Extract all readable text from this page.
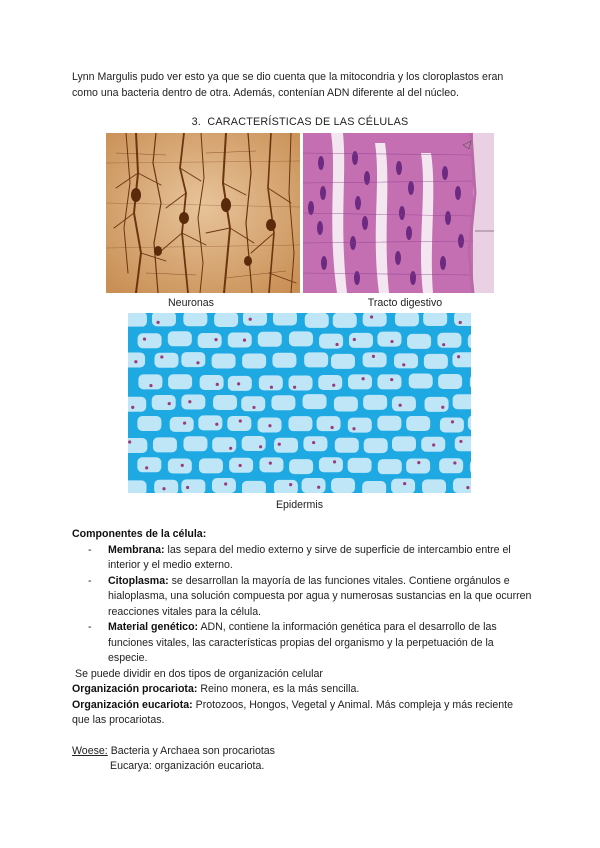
Lynn Margulis pudo ver esto ya que se dio cuenta que la mitocondria y los cloroplastos eran
como una bacteria dentro de otra. Además, contenían ADN diferente al del núcleo.

3. CARACTERÍSTICAS DE LAS CÉLULAS
Neuronas	Tracto digestivo
Epidermis
Componentes de la célula:
- Membrana: las separa del medio externo y sirve de superficie de intercambio entre el interior y el medio externo.
- Citoplasma: se desarrollan la mayoría de las funciones vitales. Contiene orgánulos e hialoplasma, una solución compuesta por agua y numerosas sustancias en la que ocurren reacciones vitales para la célula.
- Material genético: ADN, contiene la información genética para el desarrollo de las funciones vitales, las características propias del organismo y la perpetuación de la especie.
Se puede dividir en dos tipos de organización celular
Organización procariota: Reino monera, es la más sencilla.
Organización eucariota: Protozoos, Hongos, Vegetal y Animal. Más compleja y más reciente que las procariotas.
Woese: Bacteria y Archaea son procariotas
Eucarya: organización eucariota.
